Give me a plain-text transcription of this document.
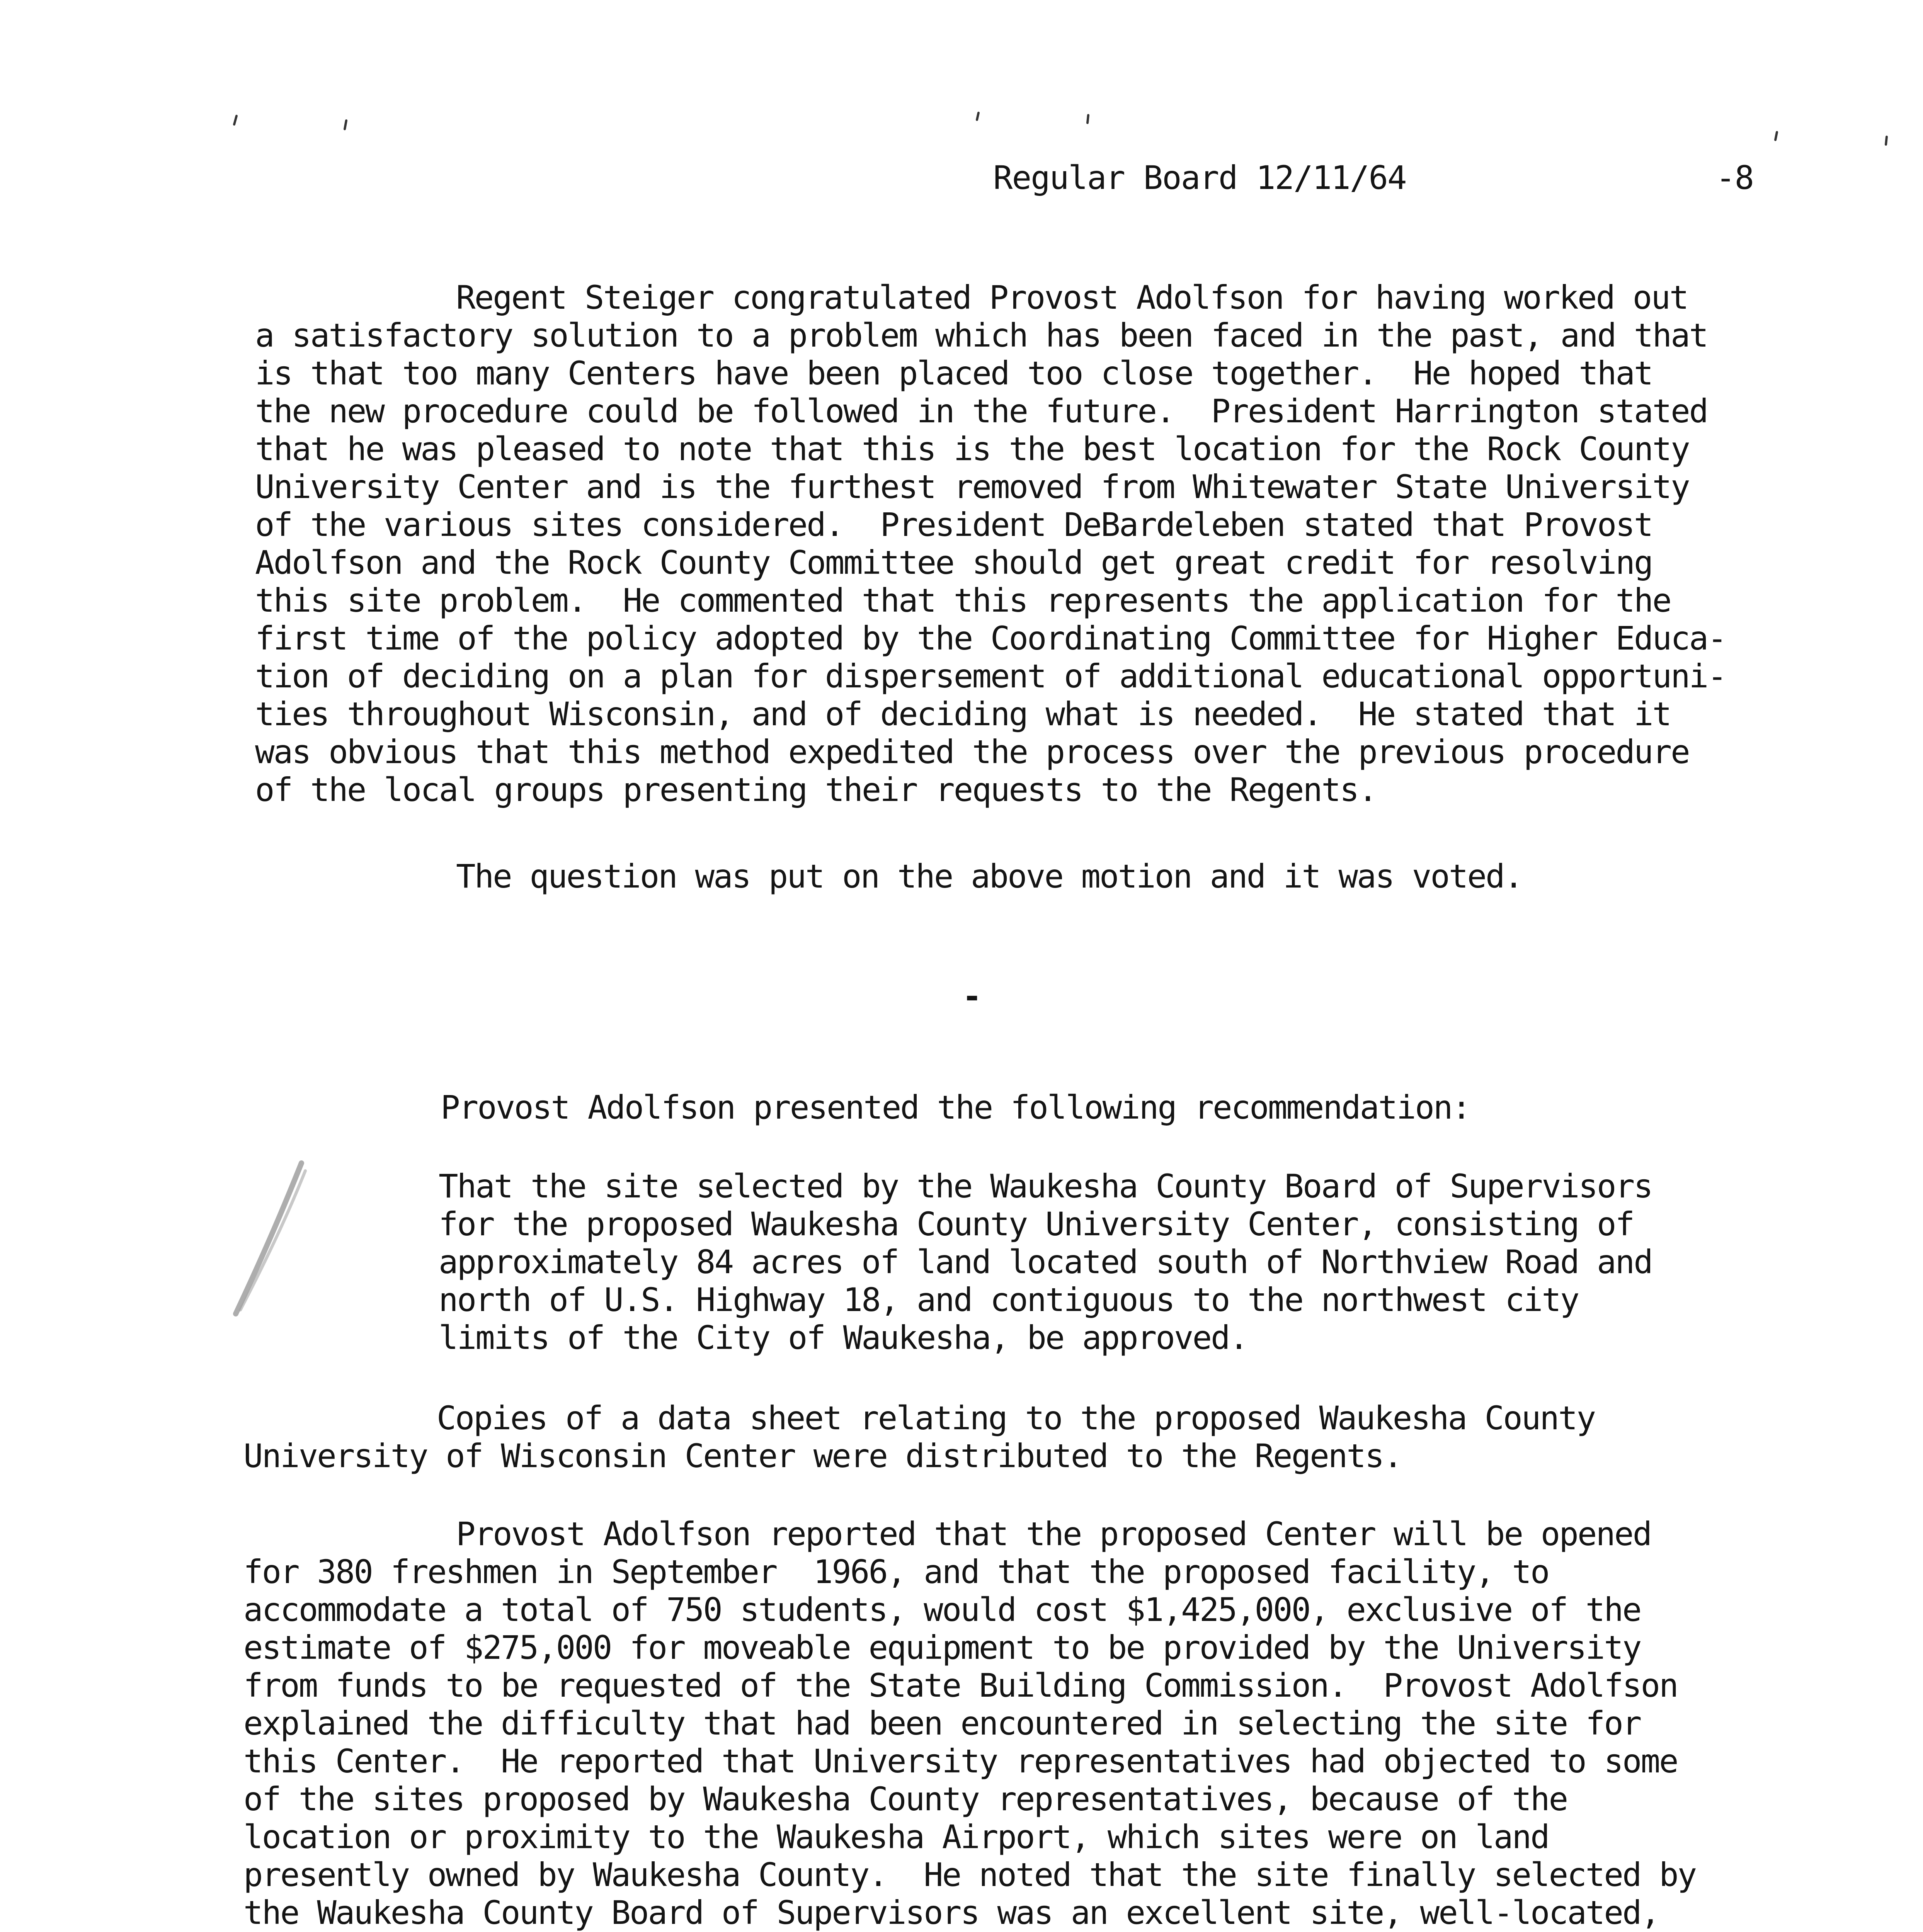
Regular Board 12/11/64	-8
Regent Steiger congratulated Provost Adolfson for having worked out
a satisfactory solution to a problem which has been faced in the past, and that
is that too many Centers have been placed too close together.  He hoped that
the new procedure could be followed in the future.  President Harrington stated
that he was pleased to note that this is the best location for the Rock County
University Center and is the furthest removed from Whitewater State University
of the various sites considered.  President DeBardeleben stated that Provost
Adolfson and the Rock County Committee should get great credit for resolving
this site problem.  He commented that this represents the application for the
first time of the policy adopted by the Coordinating Committee for Higher Educa-
tion of deciding on a plan for dispersement of additional educational opportuni-
ties throughout Wisconsin, and of deciding what is needed.  He stated that it
was obvious that this method expedited the process over the previous procedure
of the local groups presenting their requests to the Regents.
The question was put on the above motion and it was voted.
-
Provost Adolfson presented the following recommendation:
That the site selected by the Waukesha County Board of Supervisors
for the proposed Waukesha County University Center, consisting of
approximately 84 acres of land located south of Northview Road and
north of U.S. Highway 18, and contiguous to the northwest city
limits of the City of Waukesha, be approved.
Copies of a data sheet relating to the proposed Waukesha County
University of Wisconsin Center were distributed to the Regents.
Provost Adolfson reported that the proposed Center will be opened
for 380 freshmen in September  1966, and that the proposed facility, to
accommodate a total of 750 students, would cost $1,425,000, exclusive of the
estimate of $275,000 for moveable equipment to be provided by the University
from funds to be requested of the State Building Commission.  Provost Adolfson
explained the difficulty that had been encountered in selecting the site for
this Center.  He reported that University representatives had objected to some
of the sites proposed by Waukesha County representatives, because of the
location or proximity to the Waukesha Airport, which sites were on land
presently owned by Waukesha County.  He noted that the site finally selected by
the Waukesha County Board of Supervisors was an excellent site, well-located,
